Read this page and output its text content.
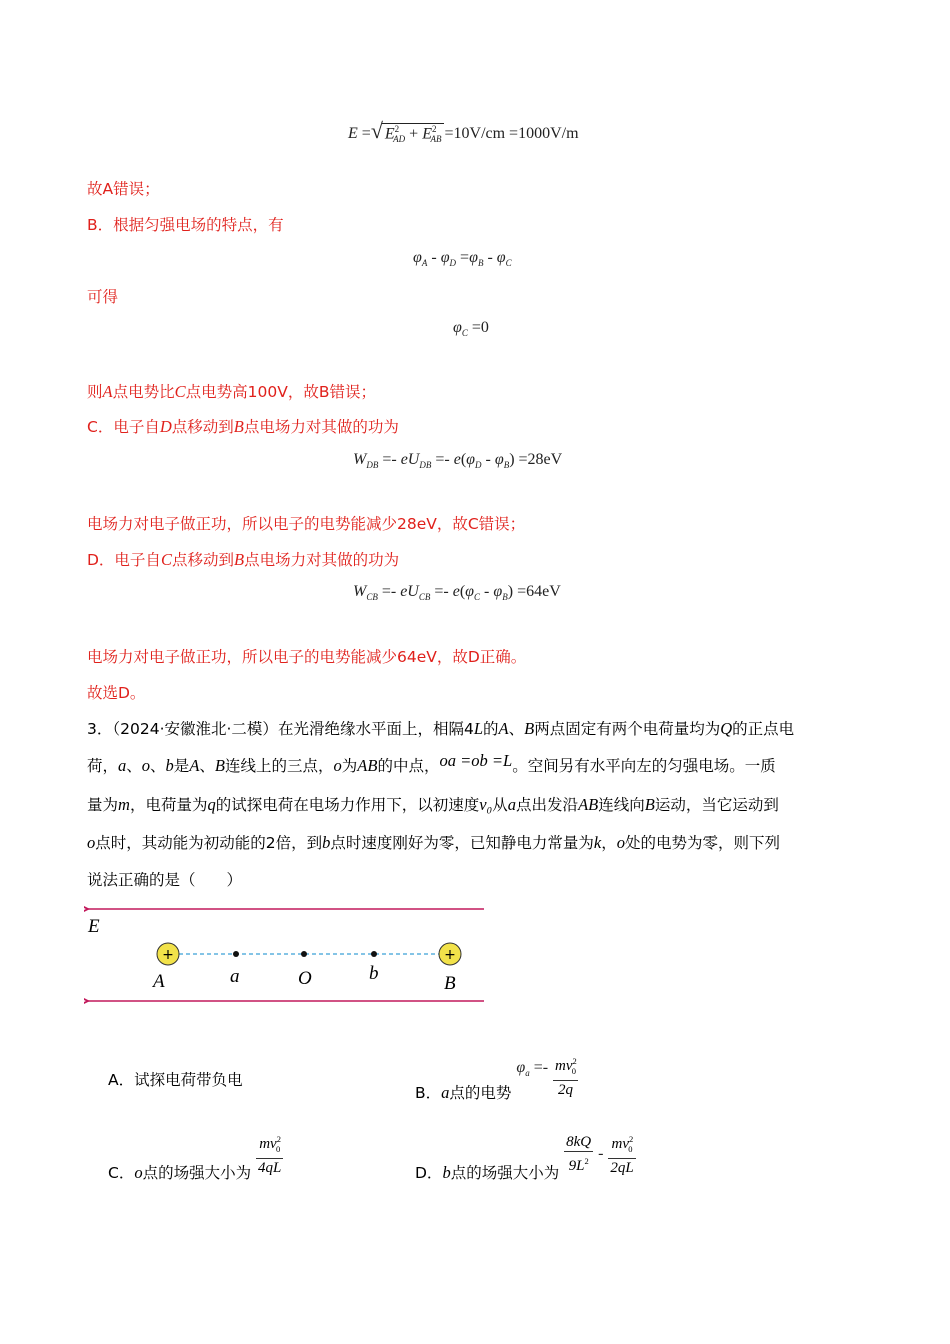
E =√ $E^2_{AD} + E^2_{AB} =10V/cm =1000V/m$
故A错误；
B．根据匀强电场的特点，有
$\varphi_A - \varphi_D =\varphi_B - \varphi_C$
可得
$\varphi_C =0$
则A点电势比C点电势高100V，故B错误；
C．电子自D点移动到B点电场力对其做的功为
$W_{DB} =- eU_{DB} =- e(\varphi_D - \varphi_B) =28eV$
电场力对电子做正功，所以电子的电势能减少28eV，故C错误；
D．电子自C点移动到B点电场力对其做的功为
$W_{CB} =- eU_{CB} =- e(\varphi_C - \varphi_B) =64eV$
电场力对电子做正功，所以电子的电势能减少64eV，故D正确。
故选D。
3．（2024·安徽淮北·二模）在光滑绝缘水平面上，相隔4L的A、B两点固定有两个电荷量均为Q的正点电
荷，a、o、b是A、B连线上的三点，o为AB的中点，oa =ob =L。空间另有水平向左的匀强电场。一质
量为m，电荷量为q的试探电荷在电场力作用下，以初速度v₀从a点出发沿AB连线向B运动，当它运动到
o点时，其动能为初动能的2倍，到b点时速度刚好为零，已知静电力常量为k，o处的电势为零，则下列
说法正确的是（　　）
E
+	+
A	a	O	b	B
A．试探电荷带负电
B．a点的电势 $\varphi_a =- \frac{mv^2_0}{2q}$
C．o点的场强大小为 $\frac{mv^2_0}{4qL}$	D．b点的场强大小为 $\frac{8kQ}{9L^2} - \frac{mv^2_0}{2qL}$
